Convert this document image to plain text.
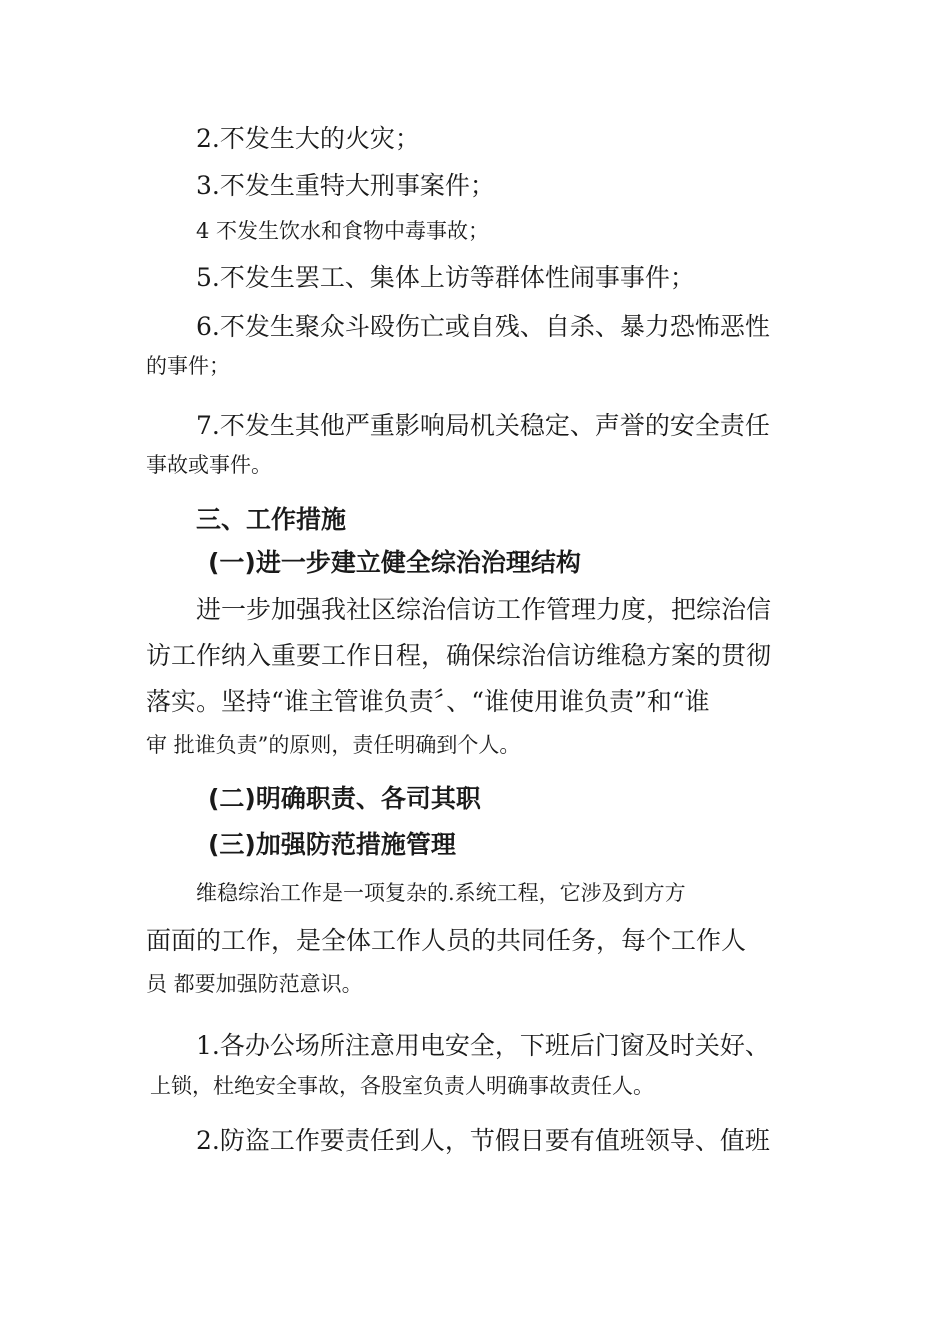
2.不发生大的火灾；
3.不发生重特大刑事案件；
4 不发生饮水和食物中毒事故；
5.不发生罢工、集体上访等群体性闹事事件；
6.不发生聚众斗殴伤亡或自残、自杀、暴力恐怖恶性
的事件；
7.不发生其他严重影响局机关稳定、声誉的安全责任
事故或事件。
三、工作措施
(一)进一步建立健全综治治理结构
进一步加强我社区综治信访工作管理力度，把综治信
访工作纳入重要工作日程，确保综治信访维稳方案的贯彻
落实。坚持“谁主管谁负责〞、“谁使用谁负责”和“谁
审 批谁负责”的原则，责任明确到个人。
(二)明确职责、各司其职
(三)加强防范措施管理
维稳综治工作是一项复杂的.系统工程，它涉及到方方
面面的工作，是全体工作人员的共同任务，每个工作人
员 都要加强防范意识。
1.各办公场所注意用电安全，下班后门窗及时关好、
上锁，杜绝安全事故，各股室负责人明确事故责任人。
2.防盗工作要责任到人，节假日要有值班领导、值班
